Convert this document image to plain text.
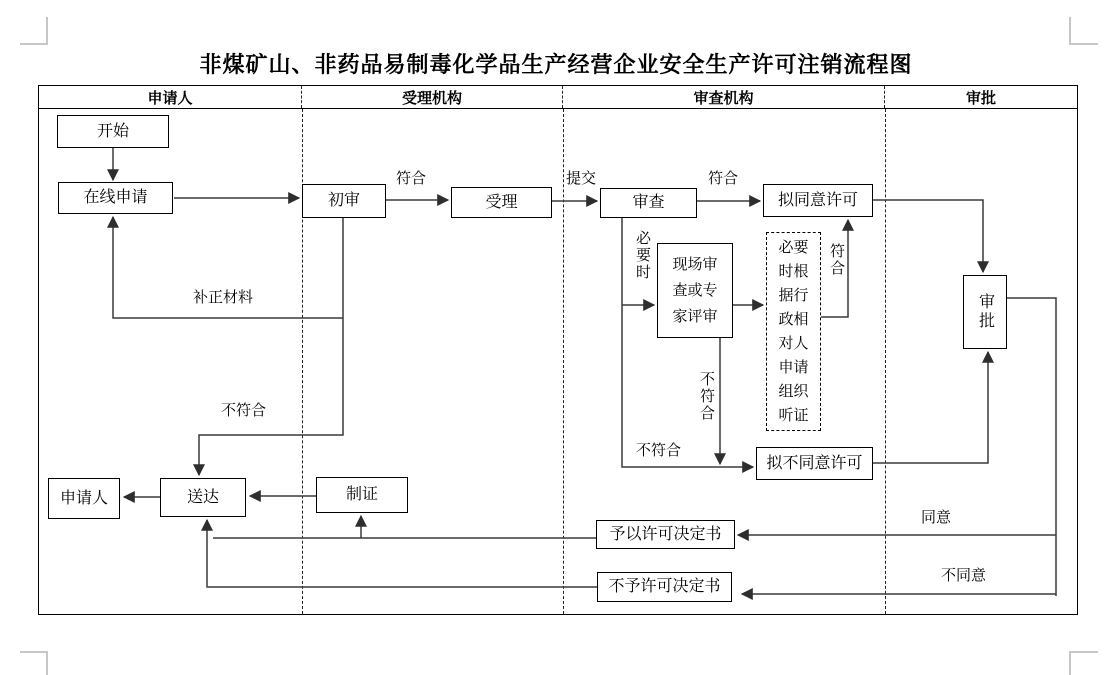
非煤矿山、非药品易制毒化学品生产经营企业安全生产许可注销流程图
申请人	受理机构	审查机构	审批
开始
在线申请	初审	受理	审查	拟同意许可
现场审查或专家评审
必要时根据行政相对人申请组织听证
拟不同意许可
审批
申请人	送达	制证
予以许可决定书
不予许可决定书
符合	提交	符合
必要时	符合
不符合
不符合
补正材料
不符合
同意
不同意
